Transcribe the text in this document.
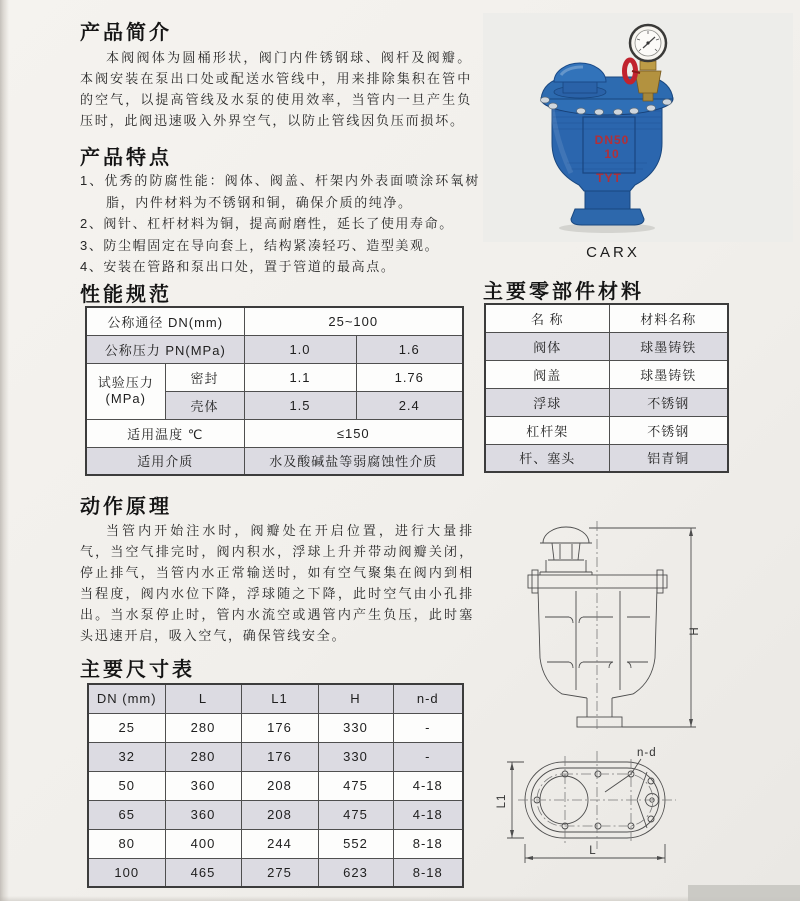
产品简介
本阀阀体为圆桶形状，阀门内件锈钢球、阀杆及阀瓣。本阀安装在泵出口处或配送水管线中，用来排除集积在管中的空气，以提高管线及水泵的使用效率，当管内一旦产生负压时，此阀迅速吸入外界空气，以防止管线因负压而损坏。
DN50
10
TYT
CARX
产品特点
1、优秀的防腐性能：阀体、阀盖、杆架内外表面喷涂环氧树脂，内件材料为不锈钢和铜，确保介质的纯净。
2、阀针、杠杆材料为铜，提高耐磨性，延长了使用寿命。
3、防尘帽固定在导向套上，结构紧凑轻巧、造型美观。
4、安装在管路和泵出口处，置于管道的最高点。
性能规范
公称通径 DN(mm)		25~100	
公称压力 PN(MPa)		1.0	1.6

试验压力
(MPa)	密封	1.1	1.76
	壳体	1.5	2.4
适用温度 ℃		≤150	
适用介质		水及酸碱盐等弱腐蚀性介质	
主要零部件材料
名 称	材料名称
阀体	球墨铸铁
阀盖	球墨铸铁
浮球	不锈钢
杠杆架	不锈钢
杆、塞头	铝青铜
动作原理
当管内开始注水时，阀瓣处在开启位置，进行大量排气，当空气排完时，阀内积水，浮球上升并带动阀瓣关闭，停止排气，当管内水正常输送时，如有空气聚集在阀内到相当程度，阀内水位下降，浮球随之下降，此时空气由小孔排出。当水泵停止时，管内水流空或遇管内产生负压，此时塞头迅速开启，吸入空气，确保管线安全。	H
L1
L
n-d
主要尺寸表
DN (mm)	L	L1	H	n-d
25	280	176	330	-
32	280	176	330	-
50	360	208	475	4-18
65	360	208	475	4-18
80	400	244	552	8-18
100	465	275	623	8-18
